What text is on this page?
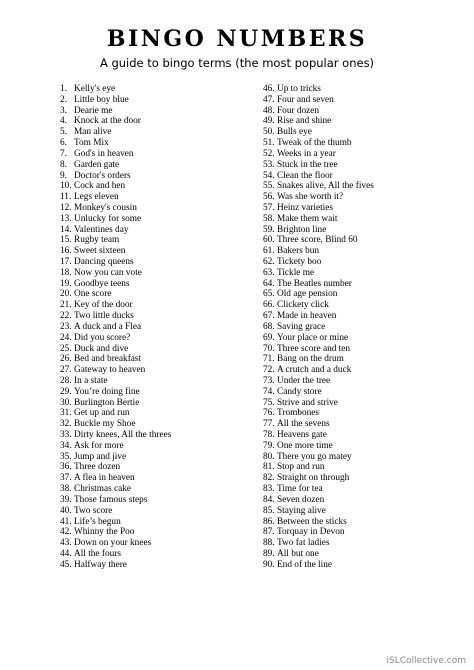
BINGO NUMBERS
A guide to bingo terms (the most popular ones)
1. Kelly's eye
2. Little boy blue
3. Dearie me
4. Knock at the door
5. Man alive
6. Tom Mix
7. God's in heaven
8. Garden gate
9. Doctor's orders
10. Cock and hen
11. Legs eleven
12. Monkey's cousin
13. Unlucky for some
14. Valentines day
15. Rugby team
16. Sweet sixteen
17. Dancing queens
18. Now you can vote
19. Goodbye teens
20. One score
21. Key of the door
22. Two little ducks
23. A duck and a Flea
24. Did you score?
25. Duck and dive
26. Bed and breakfast
27. Gateway to heaven
28. In a state
29. You’re doing fine
30. Burlington Bertie
31. Get up and run
32. Buckle my Shoe
33. Dirty knees, All the threes
34. Ask for more
35. Jump and jive
36. Three dozen
37. A flea in heaven
38. Christmas cake
39. Those famous steps
40. Two score
41. Life’s begun
42. Whinny the Poo
43. Down on your knees
44. All the fours
45. Halfway there
46. Up to tricks
47. Four and seven
48. Four dozen
49. Rise and shine
50. Bulls eye
51. Tweak of the thumb
52. Weeks in a year
53. Stuck in the tree
54. Clean the floor
55. Snakes alive, All the fives
56. Was she worth it?
57. Heinz varieties
58. Make them wait
59. Brighton line
60. Three score, Blind 60
61. Bakers bun
62. Tickety boo
63. Tickle me
64. The Beatles number
65. Old age pension
66. Clickety click
67. Made in heaven
68. Saving grace
69. Your place or mine
70. Three score and ten
71. Bang on the drum
72. A crutch and a duck
73. Under the tree
74. Candy store
75. Strive and strive
76. Trombones
77. All the sevens
78. Heavens gate
79. One more time
80. There you go matey
81. Stop and run
82. Straight on through
83. Time for tea
84. Seven dozen
85. Staying alive
86. Between the sticks
87. Torquay in Devon
88. Two fat ladies
89. All but one
90. End of the line
iSLCollective.com
